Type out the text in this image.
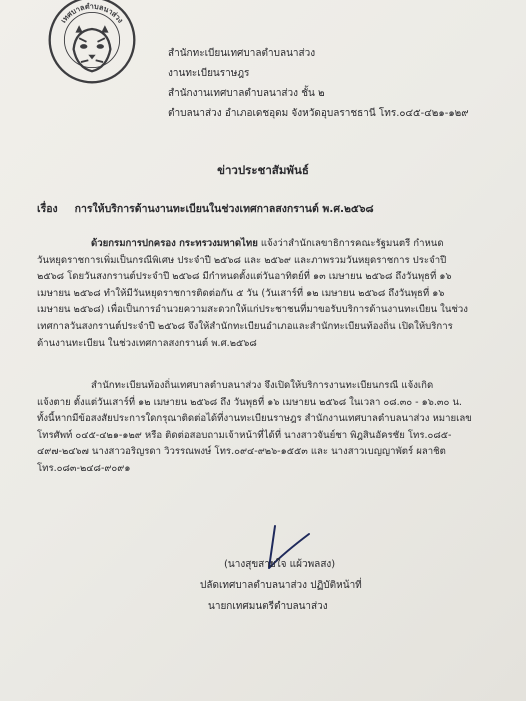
เทศบาลตำบลนาส่วง
สำนักทะเบียนเทศบาลตำบลนาส่วง
งานทะเบียนราษฎร
สำนักงานเทศบาลตำบลนาส่วง ชั้น ๒
ตำบลนาส่วง อำเภอเดชอุดม จังหวัดอุบลราชธานี โทร.๐๔๕-๔๒๑-๑๒๙
ข่าวประชาสัมพันธ์
เรื่อง การให้บริการด้านงานทะเบียนในช่วงเทศกาลสงกรานต์ พ.ศ.๒๕๖๘
ด้วยกรมการปกครอง กระทรวงมหาดไทย แจ้งว่าสำนักเลขาธิการคณะรัฐมนตรี กำหนด
วันหยุดราชการเพิ่มเป็นกรณีพิเศษ ประจำปี ๒๕๖๘ และ ๒๕๖๙ และภาพรวมวันหยุดราชการ ประจำปี
๒๕๖๘ โดยวันสงกรานต์ประจำปี ๒๕๖๘ มีกำหนดตั้งแต่วันอาทิตย์ที่ ๑๓ เมษายน ๒๕๖๘ ถึงวันพุธที่ ๑๖
เมษายน ๒๕๖๘ ทำให้มีวันหยุดราชการติดต่อกัน ๕ วัน (วันเสาร์ที่ ๑๒ เมษายน ๒๕๖๘ ถึงวันพุธที่ ๑๖
เมษายน ๒๕๖๘) เพื่อเป็นการอำนวยความสะดวกให้แก่ประชาชนที่มาขอรับบริการด้านงานทะเบียน ในช่วง
เทศกาลวันสงกรานต์ประจำปี ๒๕๖๘ จึงให้สำนักทะเบียนอำเภอและสำนักทะเบียนท้องถิ่น เปิดให้บริการ
ด้านงานทะเบียน ในช่วงเทศกาลสงกรานต์ พ.ศ.๒๕๖๘
สำนักทะเบียนท้องถิ่นเทศบาลตำบลนาส่วง จึงเปิดให้บริการงานทะเบียนกรณี แจ้งเกิด
แจ้งตาย ตั้งแต่วันเสาร์ที่ ๑๒ เมษายน ๒๕๖๘ ถึง วันพุธที่ ๑๖ เมษายน ๒๕๖๘ ในเวลา ๐๘.๓๐ - ๑๖.๓๐ น.
ทั้งนี้หากมีข้อสงสัยประการใดกรุณาติดต่อได้ที่งานทะเบียนราษฎร สำนักงานเทศบาลตำบลนาส่วง หมายเลข
โทรศัพท์ ๐๔๕-๔๒๑-๑๒๙ หรือ ติดต่อสอบถามเจ้าหน้าที่ได้ที่ นางสาวจันย์ชา พิฎสินอัครชัย โทร.๐๘๕-
๔๙๗-๒๔๖๗ นางสาวอริญรดา วิวรรณพงษ์ โทร.๐๙๔-๙๒๖-๑๕๕๓ และ นางสาวเบญญาพัตร์ ผลาชิต
โทร.๐๘๓-๒๔๘-๙๐๙๑
(นางสุขสายใจ แผ้วพลสง)
ปลัดเทศบาลตำบลนาส่วง ปฏิบัติหน้าที่
นายกเทศมนตรีตำบลนาส่วง
